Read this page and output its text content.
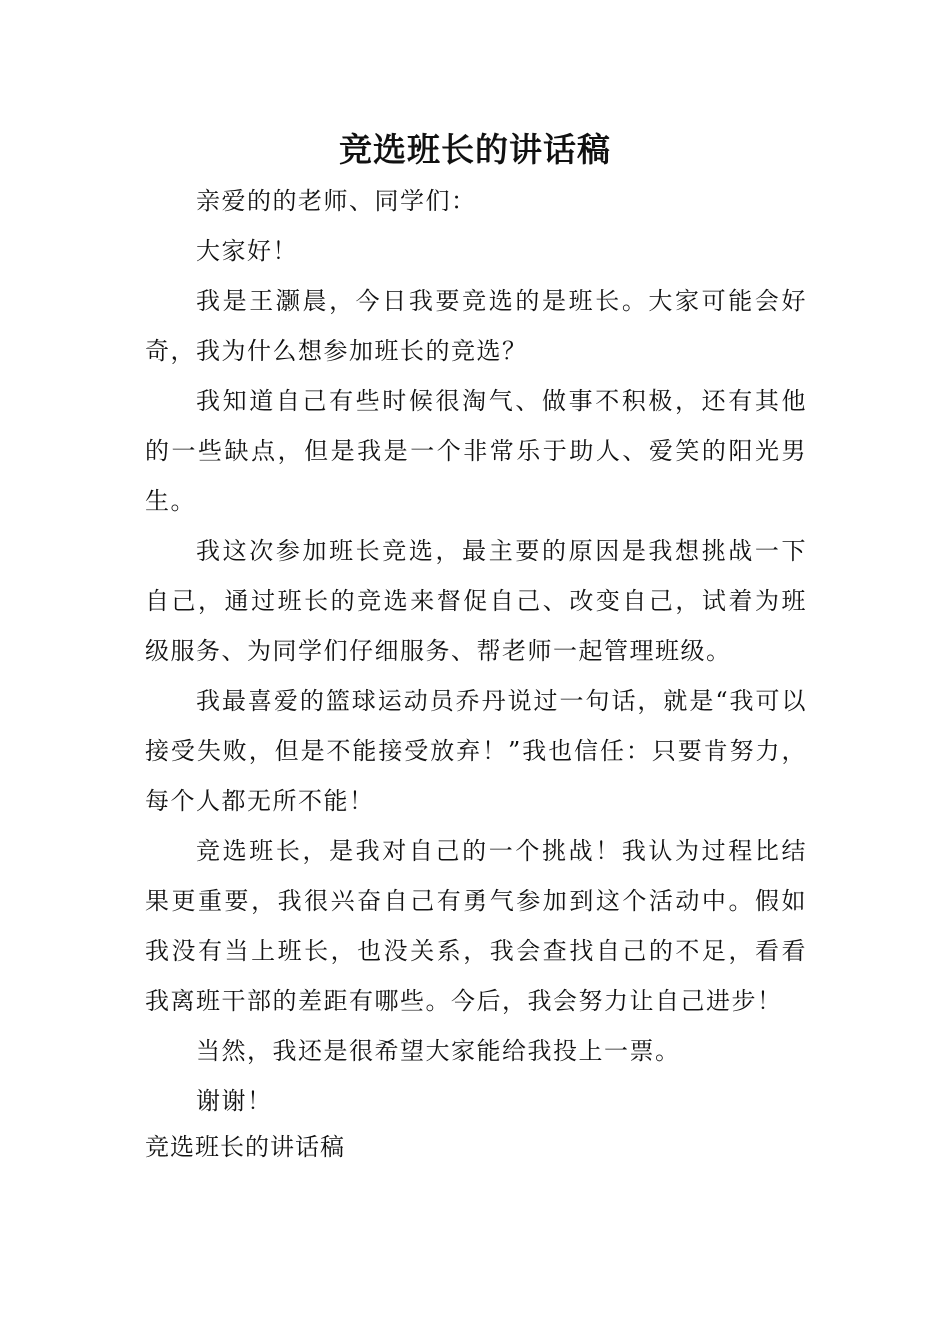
竞选班长的讲话稿

亲爱的的老师、同学们：

大家好！

我是王灏晨，今日我要竞选的是班长。大家可能会好奇，我为什么想参加班长的竞选？

我知道自己有些时候很淘气、做事不积极，还有其他的一些缺点，但是我是一个非常乐于助人、爱笑的阳光男生。

我这次参加班长竞选，最主要的原因是我想挑战一下自己，通过班长的竞选来督促自己、改变自己，试着为班级服务、为同学们仔细服务、帮老师一起管理班级。

我最喜爱的篮球运动员乔丹说过一句话，就是“我可以接受失败，但是不能接受放弃！”我也信任：只要肯努力，每个人都无所不能！

竞选班长，是我对自己的一个挑战！我认为过程比结果更重要，我很兴奋自己有勇气参加到这个活动中。假如我没有当上班长，也没关系，我会查找自己的不足，看看我离班干部的差距有哪些。今后，我会努力让自己进步！

当然，我还是很希望大家能给我投上一票。

谢谢！

竞选班长的讲话稿
